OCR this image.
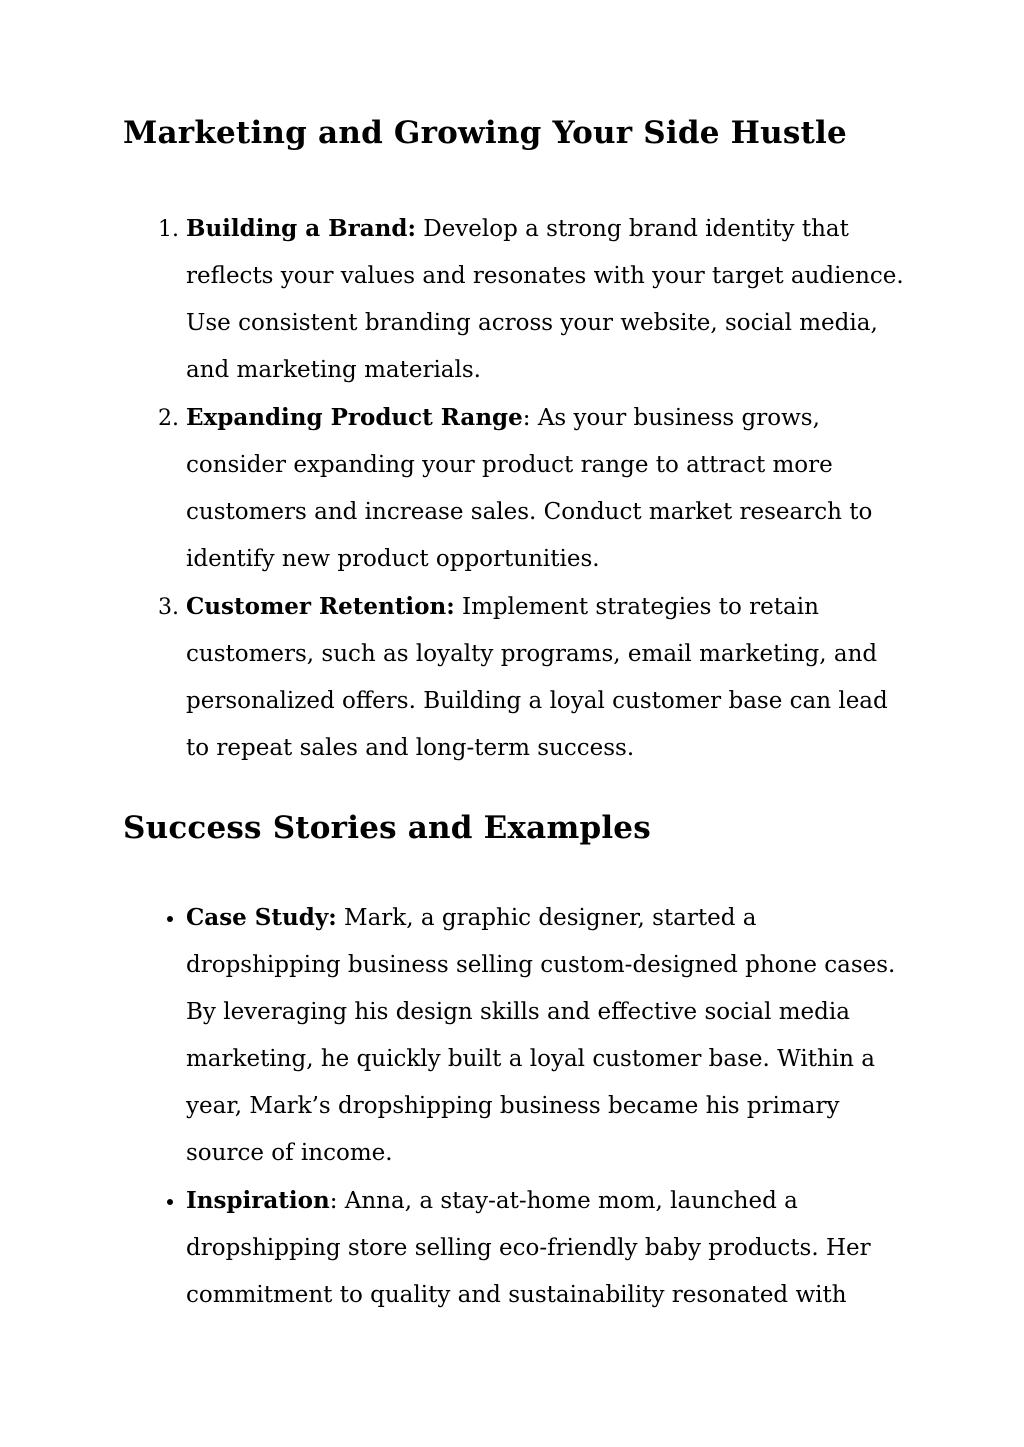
Marketing and Growing Your Side Hustle
1. Building a Brand: Develop a strong brand identity that reflects your values and resonates with your target audience. Use consistent branding across your website, social media, and marketing materials.
2. Expanding Product Range: As your business grows, consider expanding your product range to attract more customers and increase sales. Conduct market research to identify new product opportunities.
3. Customer Retention: Implement strategies to retain customers, such as loyalty programs, email marketing, and personalized offers. Building a loyal customer base can lead to repeat sales and long-term success.
Success Stories and Examples
• Case Study: Mark, a graphic designer, started a dropshipping business selling custom-designed phone cases. By leveraging his design skills and effective social media marketing, he quickly built a loyal customer base. Within a year, Mark’s dropshipping business became his primary source of income.
• Inspiration: Anna, a stay-at-home mom, launched a dropshipping store selling eco-friendly baby products. Her commitment to quality and sustainability resonated with
